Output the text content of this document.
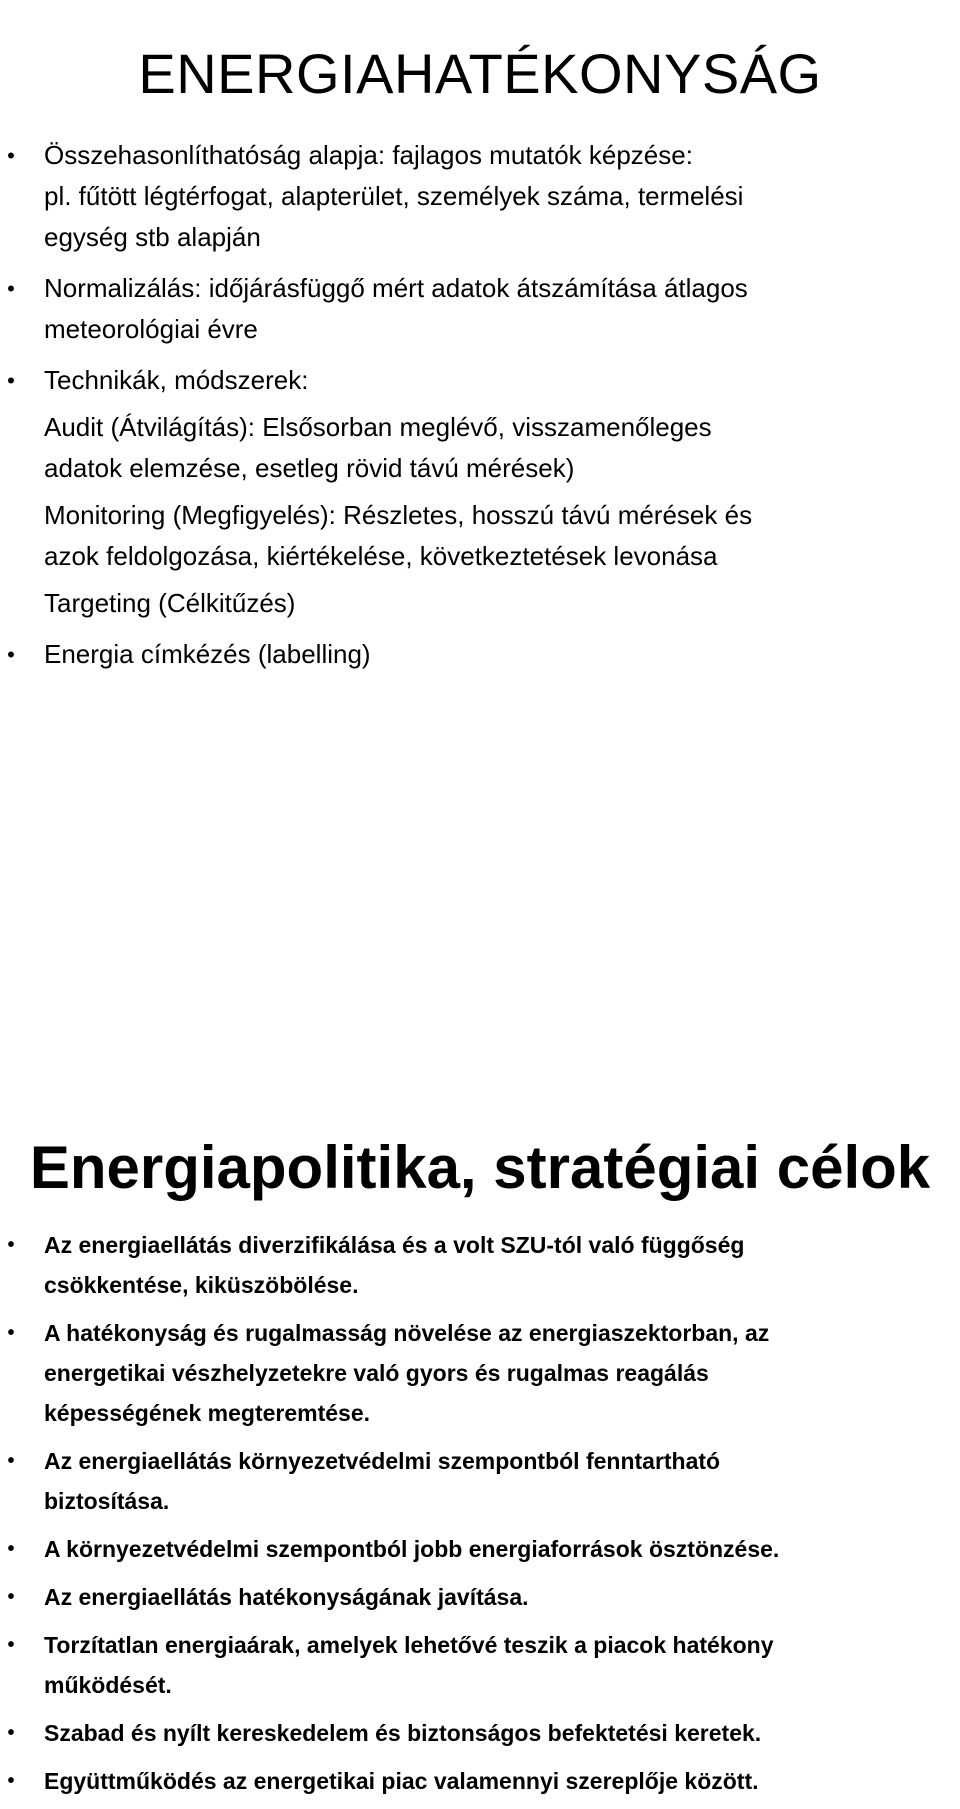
ENERGIAHATÉKONYSÁG
• Összehasonlíthatóság alapja: fajlagos mutatók képzése:
pl. fűtött légtérfogat, alapterület, személyek száma, termelési
egység stb alapján
• Normalizálás: időjárásfüggő mért adatok átszámítása átlagos
meteorológiai évre
• Technikák, módszerek:
Audit (Átvilágítás): Elsősorban meglévő, visszamenőleges
adatok elemzése, esetleg rövid távú mérések)
Monitoring (Megfigyelés): Részletes, hosszú távú mérések és
azok feldolgozása, kiértékelése, következtetések levonása
Targeting (Célkitűzés)
• Energia címkézés (labelling)
Energiapolitika, stratégiai célok
• Az energiaellátás diverzifikálása és a volt SZU-tól való függőség
csökkentése, kiküszöbölése.
• A hatékonyság és rugalmasság növelése az energiaszektorban, az
energetikai vészhelyzetekre való gyors és rugalmas reagálás
képességének megteremtése.
• Az energiaellátás környezetvédelmi szempontból fenntartható
biztosítása.
• A környezetvédelmi szempontból jobb energiaforrások ösztönzése.
• Az energiaellátás hatékonyságának javítása.
• Torzítatlan energiaárak, amelyek lehetővé teszik a piacok hatékony
működését.
• Szabad és nyílt kereskedelem és biztonságos befektetési keretek.
• Együttműködés az energetikai piac valamennyi szereplője között.
